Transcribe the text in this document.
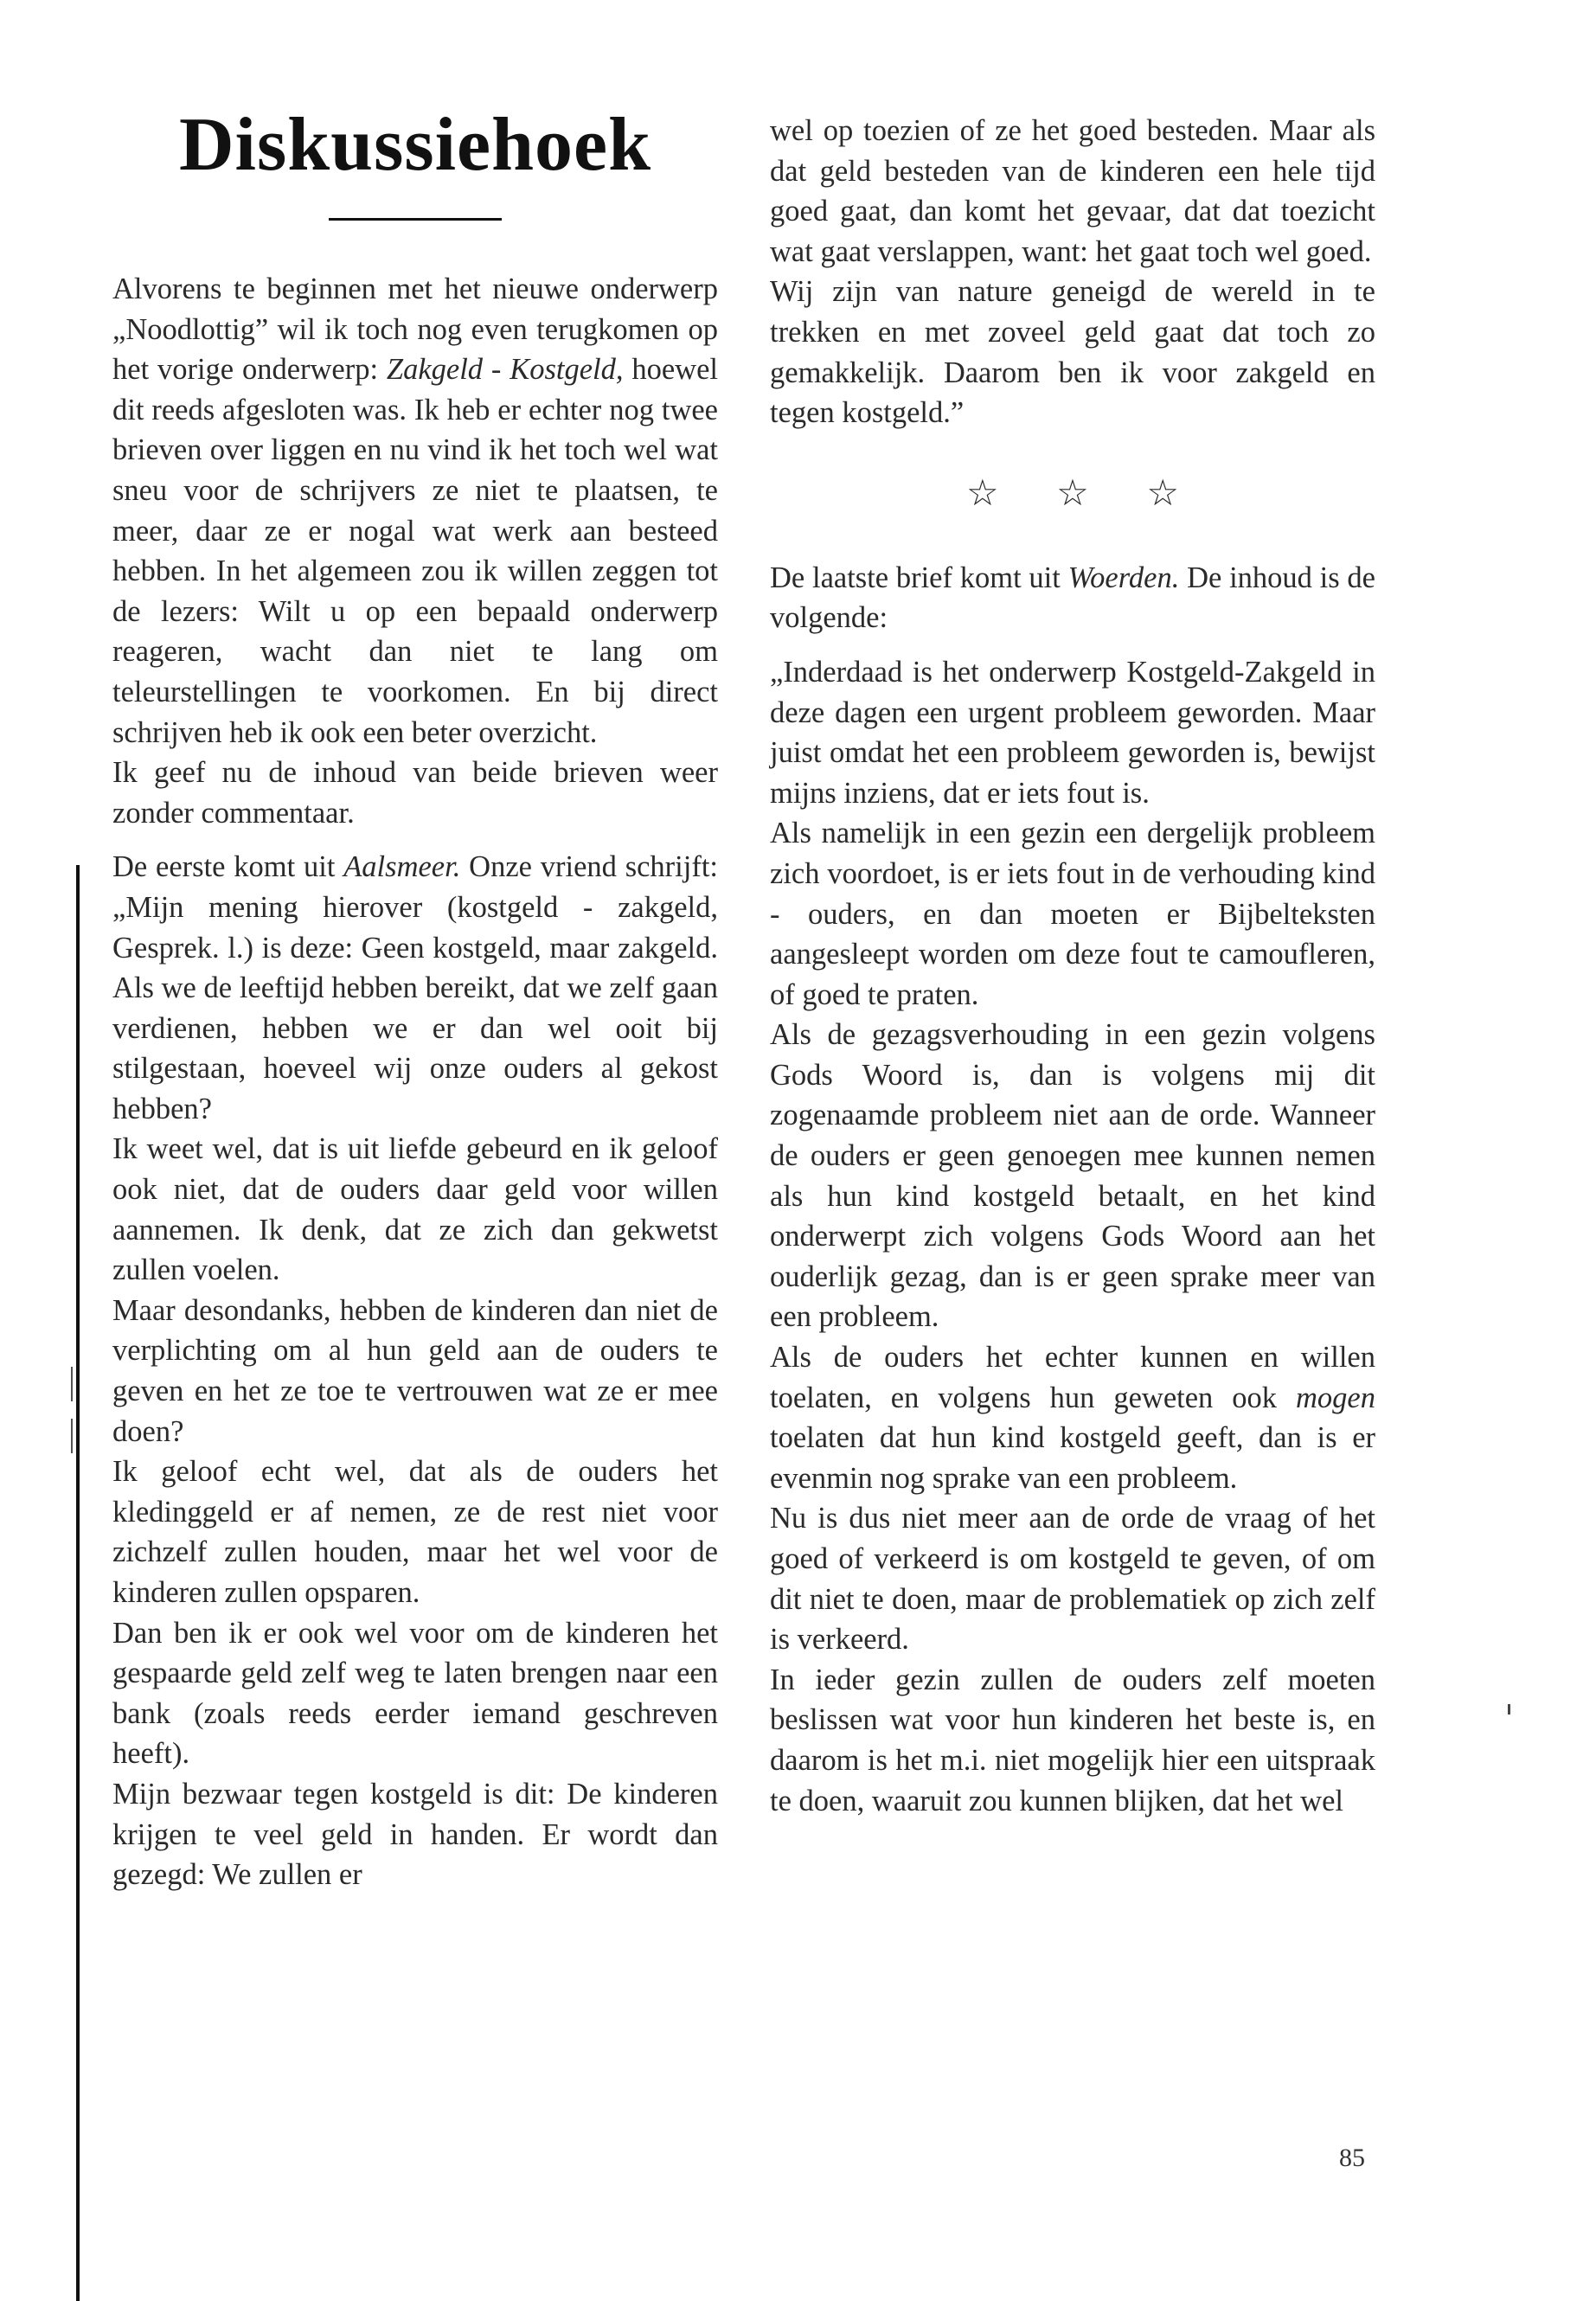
Diskussiehoek

Alvorens te beginnen met het nieuwe onderwerp „Noodlottig” wil ik toch nog even terugkomen op het vorige onderwerp: Zakgeld - Kostgeld, hoewel dit reeds afgesloten was. Ik heb er echter nog twee brieven over liggen en nu vind ik het toch wel wat sneu voor de schrijvers ze niet te plaatsen, te meer, daar ze er nogal wat werk aan besteed hebben. In het algemeen zou ik willen zeggen tot de lezers: Wilt u op een bepaald onderwerp reageren, wacht dan niet te lang om teleurstellingen te voorkomen. En bij direct schrijven heb ik ook een beter overzicht.

Ik geef nu de inhoud van beide brieven weer zonder commentaar.

De eerste komt uit Aalsmeer. Onze vriend schrijft: „Mijn mening hierover (kostgeld - zakgeld, Gesprek. l.) is deze: Geen kostgeld, maar zakgeld. Als we de leeftijd hebben bereikt, dat we zelf gaan verdienen, hebben we er dan wel ooit bij stilgestaan, hoeveel wij onze ouders al gekost hebben?

Ik weet wel, dat is uit liefde gebeurd en ik geloof ook niet, dat de ouders daar geld voor willen aannemen. Ik denk, dat ze zich dan gekwetst zullen voelen.

Maar desondanks, hebben de kinderen dan niet de verplichting om al hun geld aan de ouders te geven en het ze toe te vertrouwen wat ze er mee doen?

Ik geloof echt wel, dat als de ouders het kledinggeld er af nemen, ze de rest niet voor zichzelf zullen houden, maar het wel voor de kinderen zullen opsparen.

Dan ben ik er ook wel voor om de kinderen het gespaarde geld zelf weg te laten brengen naar een bank (zoals reeds eerder iemand geschreven heeft).

Mijn bezwaar tegen kostgeld is dit: De kinderen krijgen te veel geld in handen. Er wordt dan gezegd: We zullen er

wel op toezien of ze het goed besteden. Maar als dat geld besteden van de kinderen een hele tijd goed gaat, dan komt het gevaar, dat dat toezicht wat gaat verslappen, want: het gaat toch wel goed.

Wij zijn van nature geneigd de wereld in te trekken en met zoveel geld gaat dat toch zo gemakkelijk. Daarom ben ik voor zakgeld en tegen kostgeld.”

☆ ☆ ☆

De laatste brief komt uit Woerden. De inhoud is de volgende:

„Inderdaad is het onderwerp Kostgeld-Zakgeld in deze dagen een urgent probleem geworden. Maar juist omdat het een probleem geworden is, bewijst mijns inziens, dat er iets fout is.

Als namelijk in een gezin een dergelijk probleem zich voordoet, is er iets fout in de verhouding kind - ouders, en dan moeten er Bijbelteksten aangesleept worden om deze fout te camoufleren, of goed te praten.

Als de gezagsverhouding in een gezin volgens Gods Woord is, dan is volgens mij dit zogenaamde probleem niet aan de orde. Wanneer de ouders er geen genoegen mee kunnen nemen als hun kind kostgeld betaalt, en het kind onderwerpt zich volgens Gods Woord aan het ouderlijk gezag, dan is er geen sprake meer van een probleem.

Als de ouders het echter kunnen en willen toelaten, en volgens hun geweten ook mogen toelaten dat hun kind kostgeld geeft, dan is er evenmin nog sprake van een probleem.

Nu is dus niet meer aan de orde de vraag of het goed of verkeerd is om kostgeld te geven, of om dit niet te doen, maar de problematiek op zich zelf is verkeerd.

In ieder gezin zullen de ouders zelf moeten beslissen wat voor hun kinderen het beste is, en daarom is het m.i. niet mogelijk hier een uitspraak te doen, waaruit zou kunnen blijken, dat het wel

85
